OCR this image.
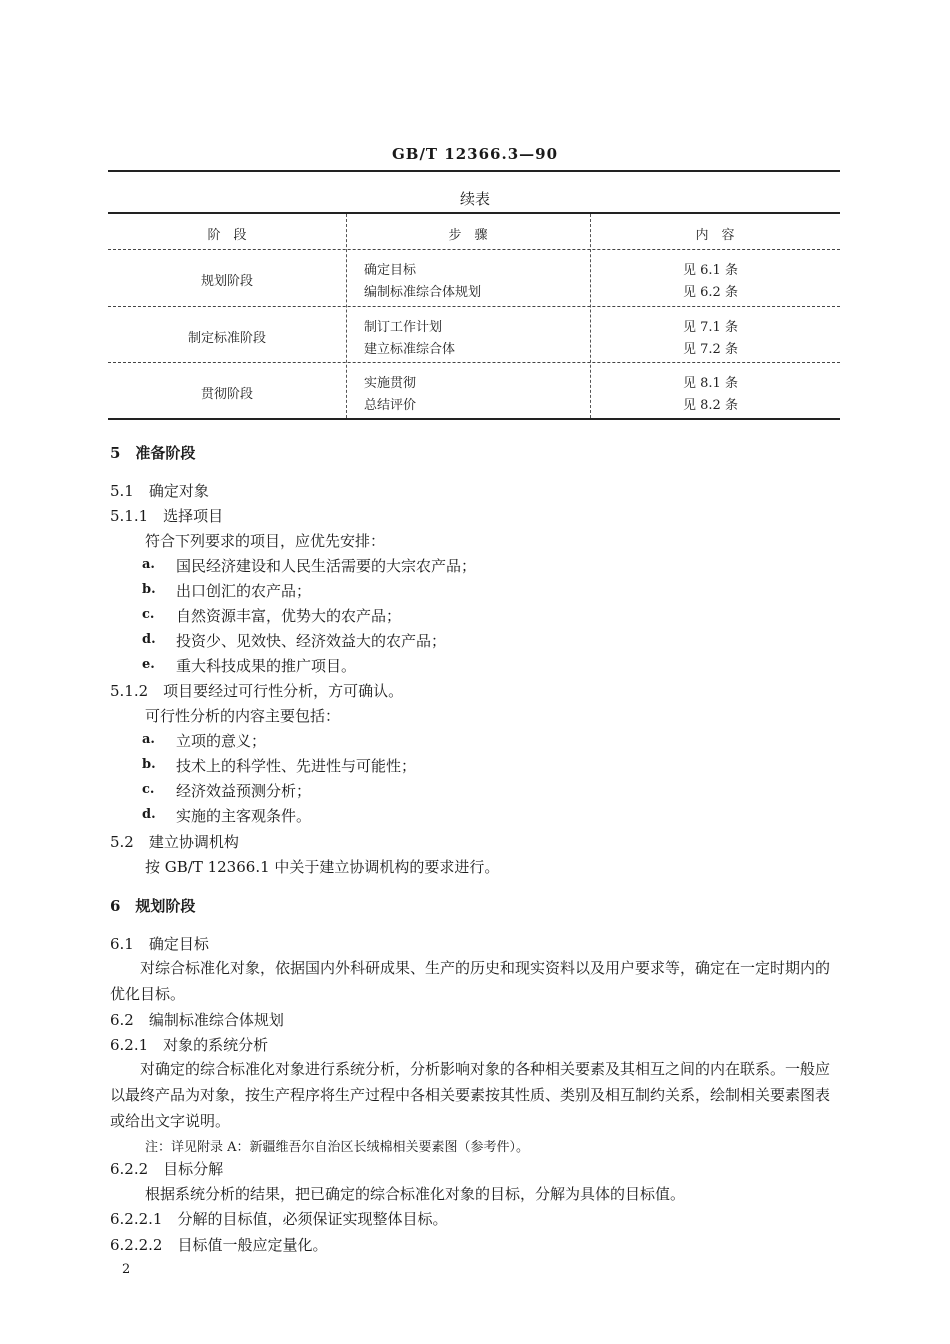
GB/T 12366.3—90
续表
阶　段	步　骤	内　容
规划阶段
确定目标
编制标准综合体规划
见 6.1 条
见 6.2 条
制定标准阶段
制订工作计划
建立标准综合体
见 7.1 条
见 7.2 条
贯彻阶段
实施贯彻
总结评价
见 8.1 条
见 8.2 条
5　准备阶段
5.1　确定对象
5.1.1　选择项目
符合下列要求的项目，应优先安排：
a. 国民经济建设和人民生活需要的大宗农产品；
b. 出口创汇的农产品；
c. 自然资源丰富，优势大的农产品；
d. 投资少、见效快、经济效益大的农产品；
e. 重大科技成果的推广项目。
5.1.2　项目要经过可行性分析，方可确认。
可行性分析的内容主要包括：
a. 立项的意义；
b. 技术上的科学性、先进性与可能性；
c. 经济效益预测分析；
d. 实施的主客观条件。
5.2　建立协调机构
按 GB/T 12366.1 中关于建立协调机构的要求进行。
6　规划阶段
6.1　确定目标
对综合标准化对象，依据国内外科研成果、生产的历史和现实资料以及用户要求等，确定在一定时期内的优化目标。
6.2　编制标准综合体规划
6.2.1　对象的系统分析
对确定的综合标准化对象进行系统分析，分析影响对象的各种相关要素及其相互之间的内在联系。一般应以最终产品为对象，按生产程序将生产过程中各相关要素按其性质、类别及相互制约关系，绘制相关要素图表或给出文字说明。
注：详见附录 A：新疆维吾尔自治区长绒棉相关要素图（参考件）。
6.2.2　目标分解
根据系统分析的结果，把已确定的综合标准化对象的目标，分解为具体的目标值。
6.2.2.1　分解的目标值，必须保证实现整体目标。
6.2.2.2　目标值一般应定量化。
2
